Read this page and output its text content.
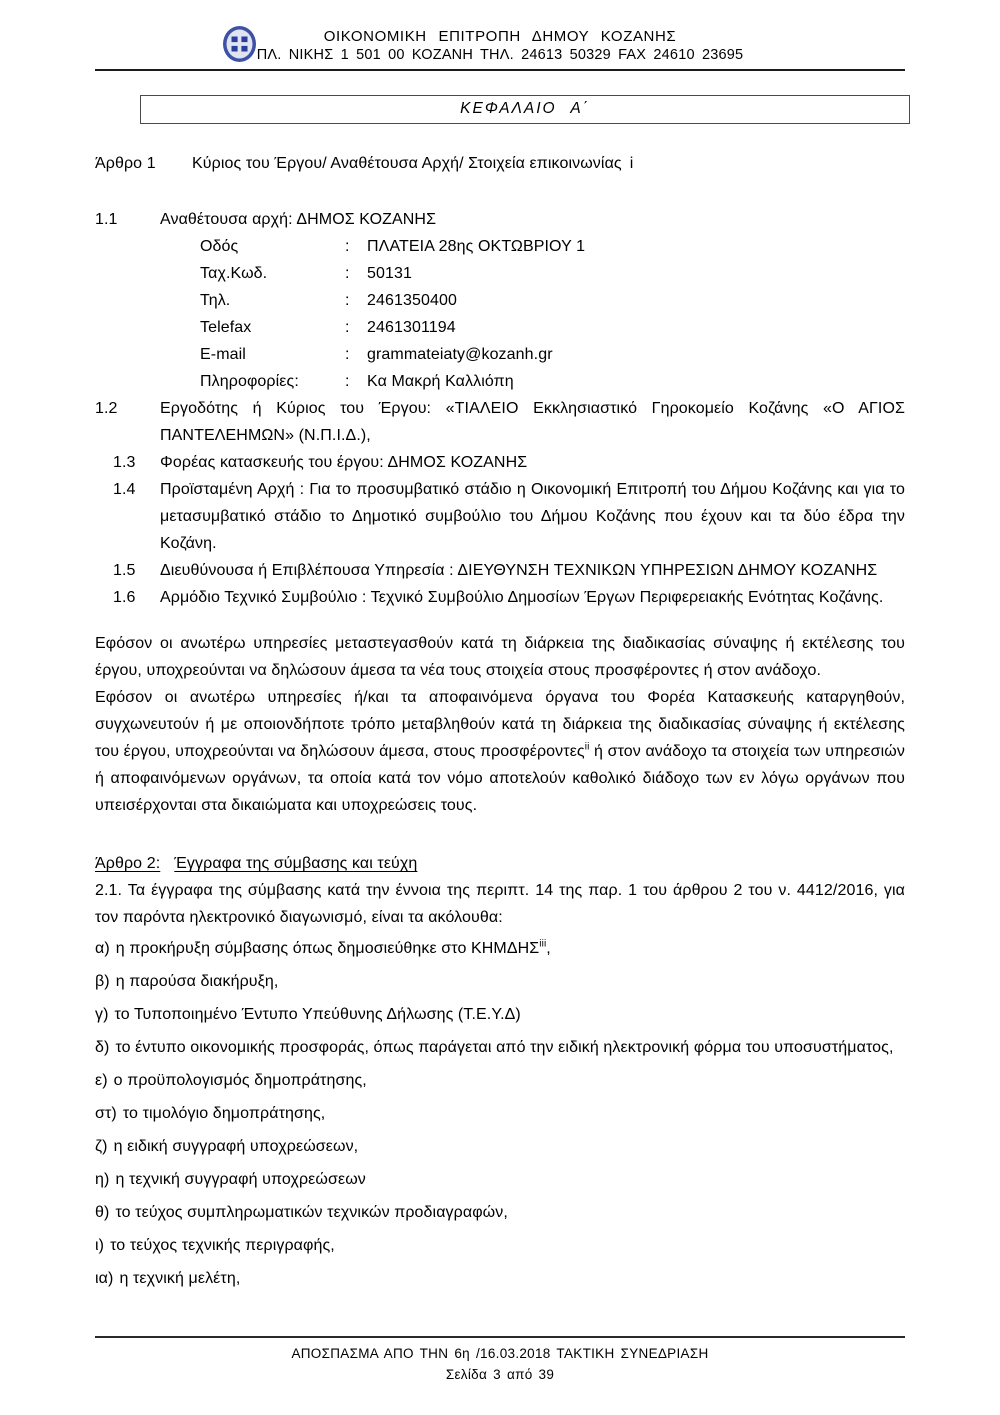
ΟΙΚΟΝΟΜΙΚΗ ΕΠΙΤΡΟΠΗ ΔΗΜΟΥ ΚΟΖΑΝΗΣ
ΠΛ. ΝΙΚΗΣ 1 501 00 ΚΟΖΑΝΗ ΤΗΛ. 24613 50329 FAX 24610 23695
ΚΕΦΑΛΑΙΟ Α΄
Άρθρο 1	Κύριος του Έργου/ Αναθέτουσα Αρχή/ Στοιχεία επικοινωνίας i
1.1	Αναθέτουσα αρχή: ΔΗΜΟΣ ΚΟΖΑΝΗΣ
Οδός	:	ΠΛΑΤΕΙΑ 28ης ΟΚΤΩΒΡΙΟΥ 1
Ταχ.Κωδ.	:	50131
Τηλ.	:	2461350400
Telefax	:	2461301194
E-mail	:	grammateiaty@kozanh.gr
Πληροφορίες:	:	Κα Μακρή Καλλιόπη
1.2	Εργοδότης ή Κύριος του Έργου: «ΤΙΑΛΕΙΟ Εκκλησιαστικό Γηροκομείο Κοζάνης «Ο ΑΓΙΟΣ ΠΑΝΤΕΛΕΗΜΩΝ» (Ν.Π.Ι.Δ.),
1.3	Φορέας κατασκευής του έργου: ΔΗΜΟΣ ΚΟΖΑΝΗΣ
1.4	Προϊσταμένη Αρχή : Για το προσυμβατικό στάδιο η Οικονομική Επιτροπή του Δήμου Κοζάνης και για το μετασυμβατικό στάδιο το Δημοτικό συμβούλιο του Δήμου Κοζάνης που έχουν και τα δύο έδρα την Κοζάνη.
1.5	Διευθύνουσα ή Επιβλέπουσα Υπηρεσία : ΔΙΕΥΘΥΝΣΗ ΤΕΧΝΙΚΩΝ ΥΠΗΡΕΣΙΩΝ ΔΗΜΟΥ ΚΟΖΑΝΗΣ
1.6	Αρμόδιο Τεχνικό Συμβούλιο : Τεχνικό Συμβούλιο Δημοσίων Έργων Περιφερειακής Ενότητας Κοζάνης.
Εφόσον οι ανωτέρω υπηρεσίες μεταστεγασθούν κατά τη διάρκεια της διαδικασίας σύναψης ή εκτέλεσης του έργου, υποχρεούνται να δηλώσουν άμεσα τα νέα τους στοιχεία στους προσφέροντες ή στον ανάδοχο.
Εφόσον οι ανωτέρω υπηρεσίες ή/και τα αποφαινόμενα όργανα του Φορέα Κατασκευής καταργηθούν, συγχωνευτούν ή με οποιονδήποτε τρόπο μεταβληθούν κατά τη διάρκεια της διαδικασίας σύναψης ή εκτέλεσης του έργου, υποχρεούνται να δηλώσουν άμεσα, στους προσφέροντες$^{ii}$ ή στον ανάδοχο τα στοιχεία των υπηρεσιών ή αποφαινόμενων οργάνων, τα οποία κατά τον νόμο αποτελούν καθολικό διάδοχο των εν λόγω οργάνων που υπεισέρχονται στα δικαιώματα και υποχρεώσεις τους.
Άρθρο 2: Έγγραφα της σύμβασης και τεύχη
2.1. Τα έγγραφα της σύμβασης κατά την έννοια της περιπτ. 14 της παρ. 1 του άρθρου 2 του ν. 4412/2016, για τον παρόντα ηλεκτρονικό διαγωνισμό, είναι τα ακόλουθα:
α) η προκήρυξη σύμβασης όπως δημοσιεύθηκε στο ΚΗΜΔΗΣ$^{iii}$,
β) η παρούσα διακήρυξη,
γ) το Τυποποιημένο Έντυπο Υπεύθυνης Δήλωσης (Τ.Ε.Υ.Δ)
δ) το έντυπο οικονομικής προσφοράς, όπως παράγεται από την ειδική ηλεκτρονική φόρμα του υποσυστήματος,
ε) ο προϋπολογισμός δημοπράτησης,
στ) το τιμολόγιο δημοπράτησης,
ζ) η ειδική συγγραφή υποχρεώσεων,
η) η τεχνική συγγραφή υποχρεώσεων
θ) το τεύχος συμπληρωματικών τεχνικών προδιαγραφών,
ι) το τεύχος τεχνικής περιγραφής,
ια) η τεχνική μελέτη,
ΑΠΟΣΠΑΣΜΑ ΑΠΟ ΤΗΝ 6η /16.03.2018 ΤΑΚΤΙΚΗ ΣΥΝΕΔΡΙΑΣΗ
Σελίδα 3 από 39
